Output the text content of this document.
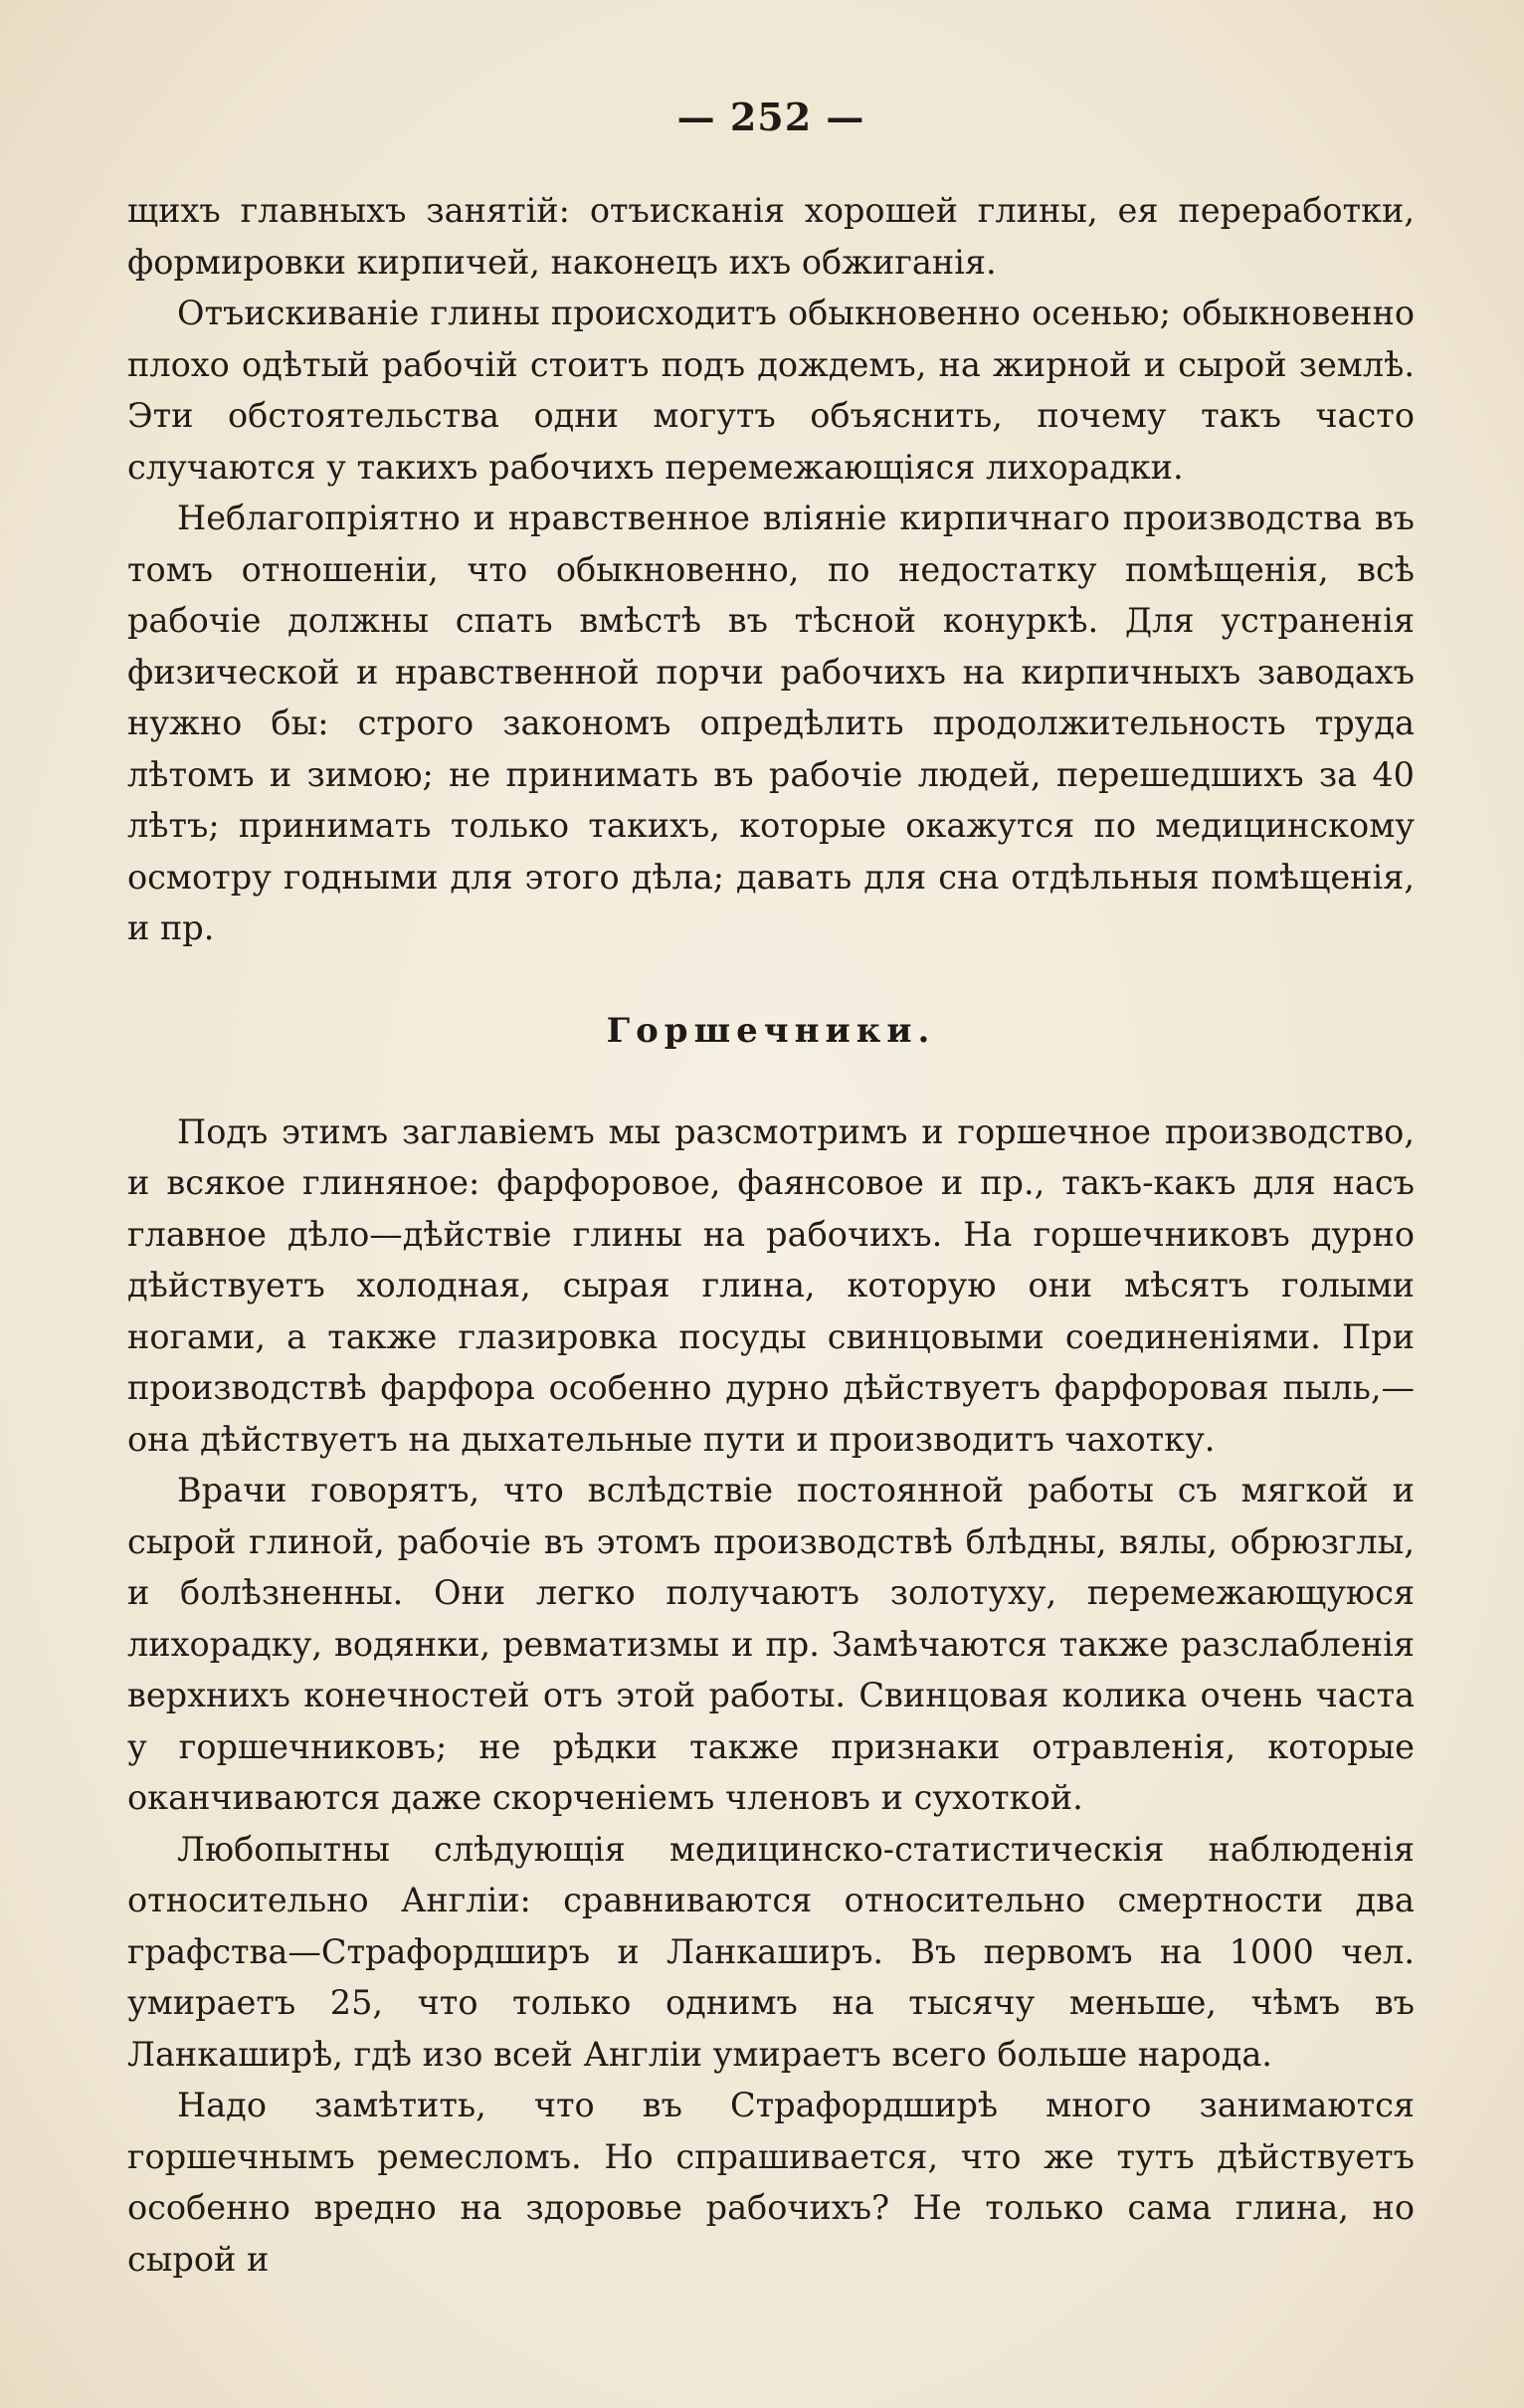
— 252 —

щихъ главныхъ занятій: отъисканія хорошей глины, ея переработки, формировки кирпичей, наконецъ ихъ обжиганія.

Отъискиваніе глины происходитъ обыкновенно осенью; обыкновенно плохо одѣтый рабочій стоитъ подъ дождемъ, на жирной и сырой землѣ. Эти обстоятельства одни могутъ объяснить, почему такъ часто случаются у такихъ рабочихъ перемежающіяся лихорадки.

Неблагопріятно и нравственное вліяніе кирпичнаго производства въ томъ отношеніи, что обыкновенно, по недостатку помѣщенія, всѣ рабочіе должны спать вмѣстѣ въ тѣсной конуркѣ. Для устраненія физической и нравственной порчи рабочихъ на кирпичныхъ заводахъ нужно бы: строго закономъ опредѣлить продолжительность труда лѣтомъ и зимою; не принимать въ рабочіе людей, перешедшихъ за 40 лѣтъ; принимать только такихъ, которые окажутся по медицинскому осмотру годными для этого дѣла; давать для сна отдѣльныя помѣщенія, и пр.

Горшечники.

Подъ этимъ заглавіемъ мы разсмотримъ и горшечное производство, и всякое глиняное: фарфоровое, фаянсовое и пр., такъ-какъ для насъ главное дѣло—дѣйствіе глины на рабочихъ. На горшечниковъ дурно дѣйствуетъ холодная, сырая глина, которую они мѣсятъ голыми ногами, а также глазировка посуды свинцовыми соединеніями. При производствѣ фарфора особенно дурно дѣйствуетъ фарфоровая пыль,— она дѣйствуетъ на дыхательные пути и производитъ чахотку.

Врачи говорятъ, что вслѣдствіе постоянной работы съ мягкой и сырой глиной, рабочіе въ этомъ производствѣ блѣдны, вялы, обрюзглы, и болѣзненны. Они легко получаютъ золотуху, перемежающуюся лихорадку, водянки, ревматизмы и пр. Замѣчаются также разслабленія верхнихъ конечностей отъ этой работы. Свинцовая колика очень часта у горшечниковъ; не рѣдки также признаки отравленія, которые оканчиваются даже скорченіемъ членовъ и сухоткой.

Любопытны слѣдующія медицинско-статистическія наблюденія относительно Англіи: сравниваются относительно смертности два графства—Страфордширъ и Ланкаширъ. Въ первомъ на 1000 чел. умираетъ 25, что только однимъ на тысячу меньше, чѣмъ въ Ланкаширѣ, гдѣ изо всей Англіи умираетъ всего больше народа.

Надо замѣтить, что въ Страфордширѣ много занимаются горшечнымъ ремесломъ. Но спрашивается, что же тутъ дѣйствуетъ особенно вредно на здоровье рабочихъ? Не только сама глина, но сырой и
